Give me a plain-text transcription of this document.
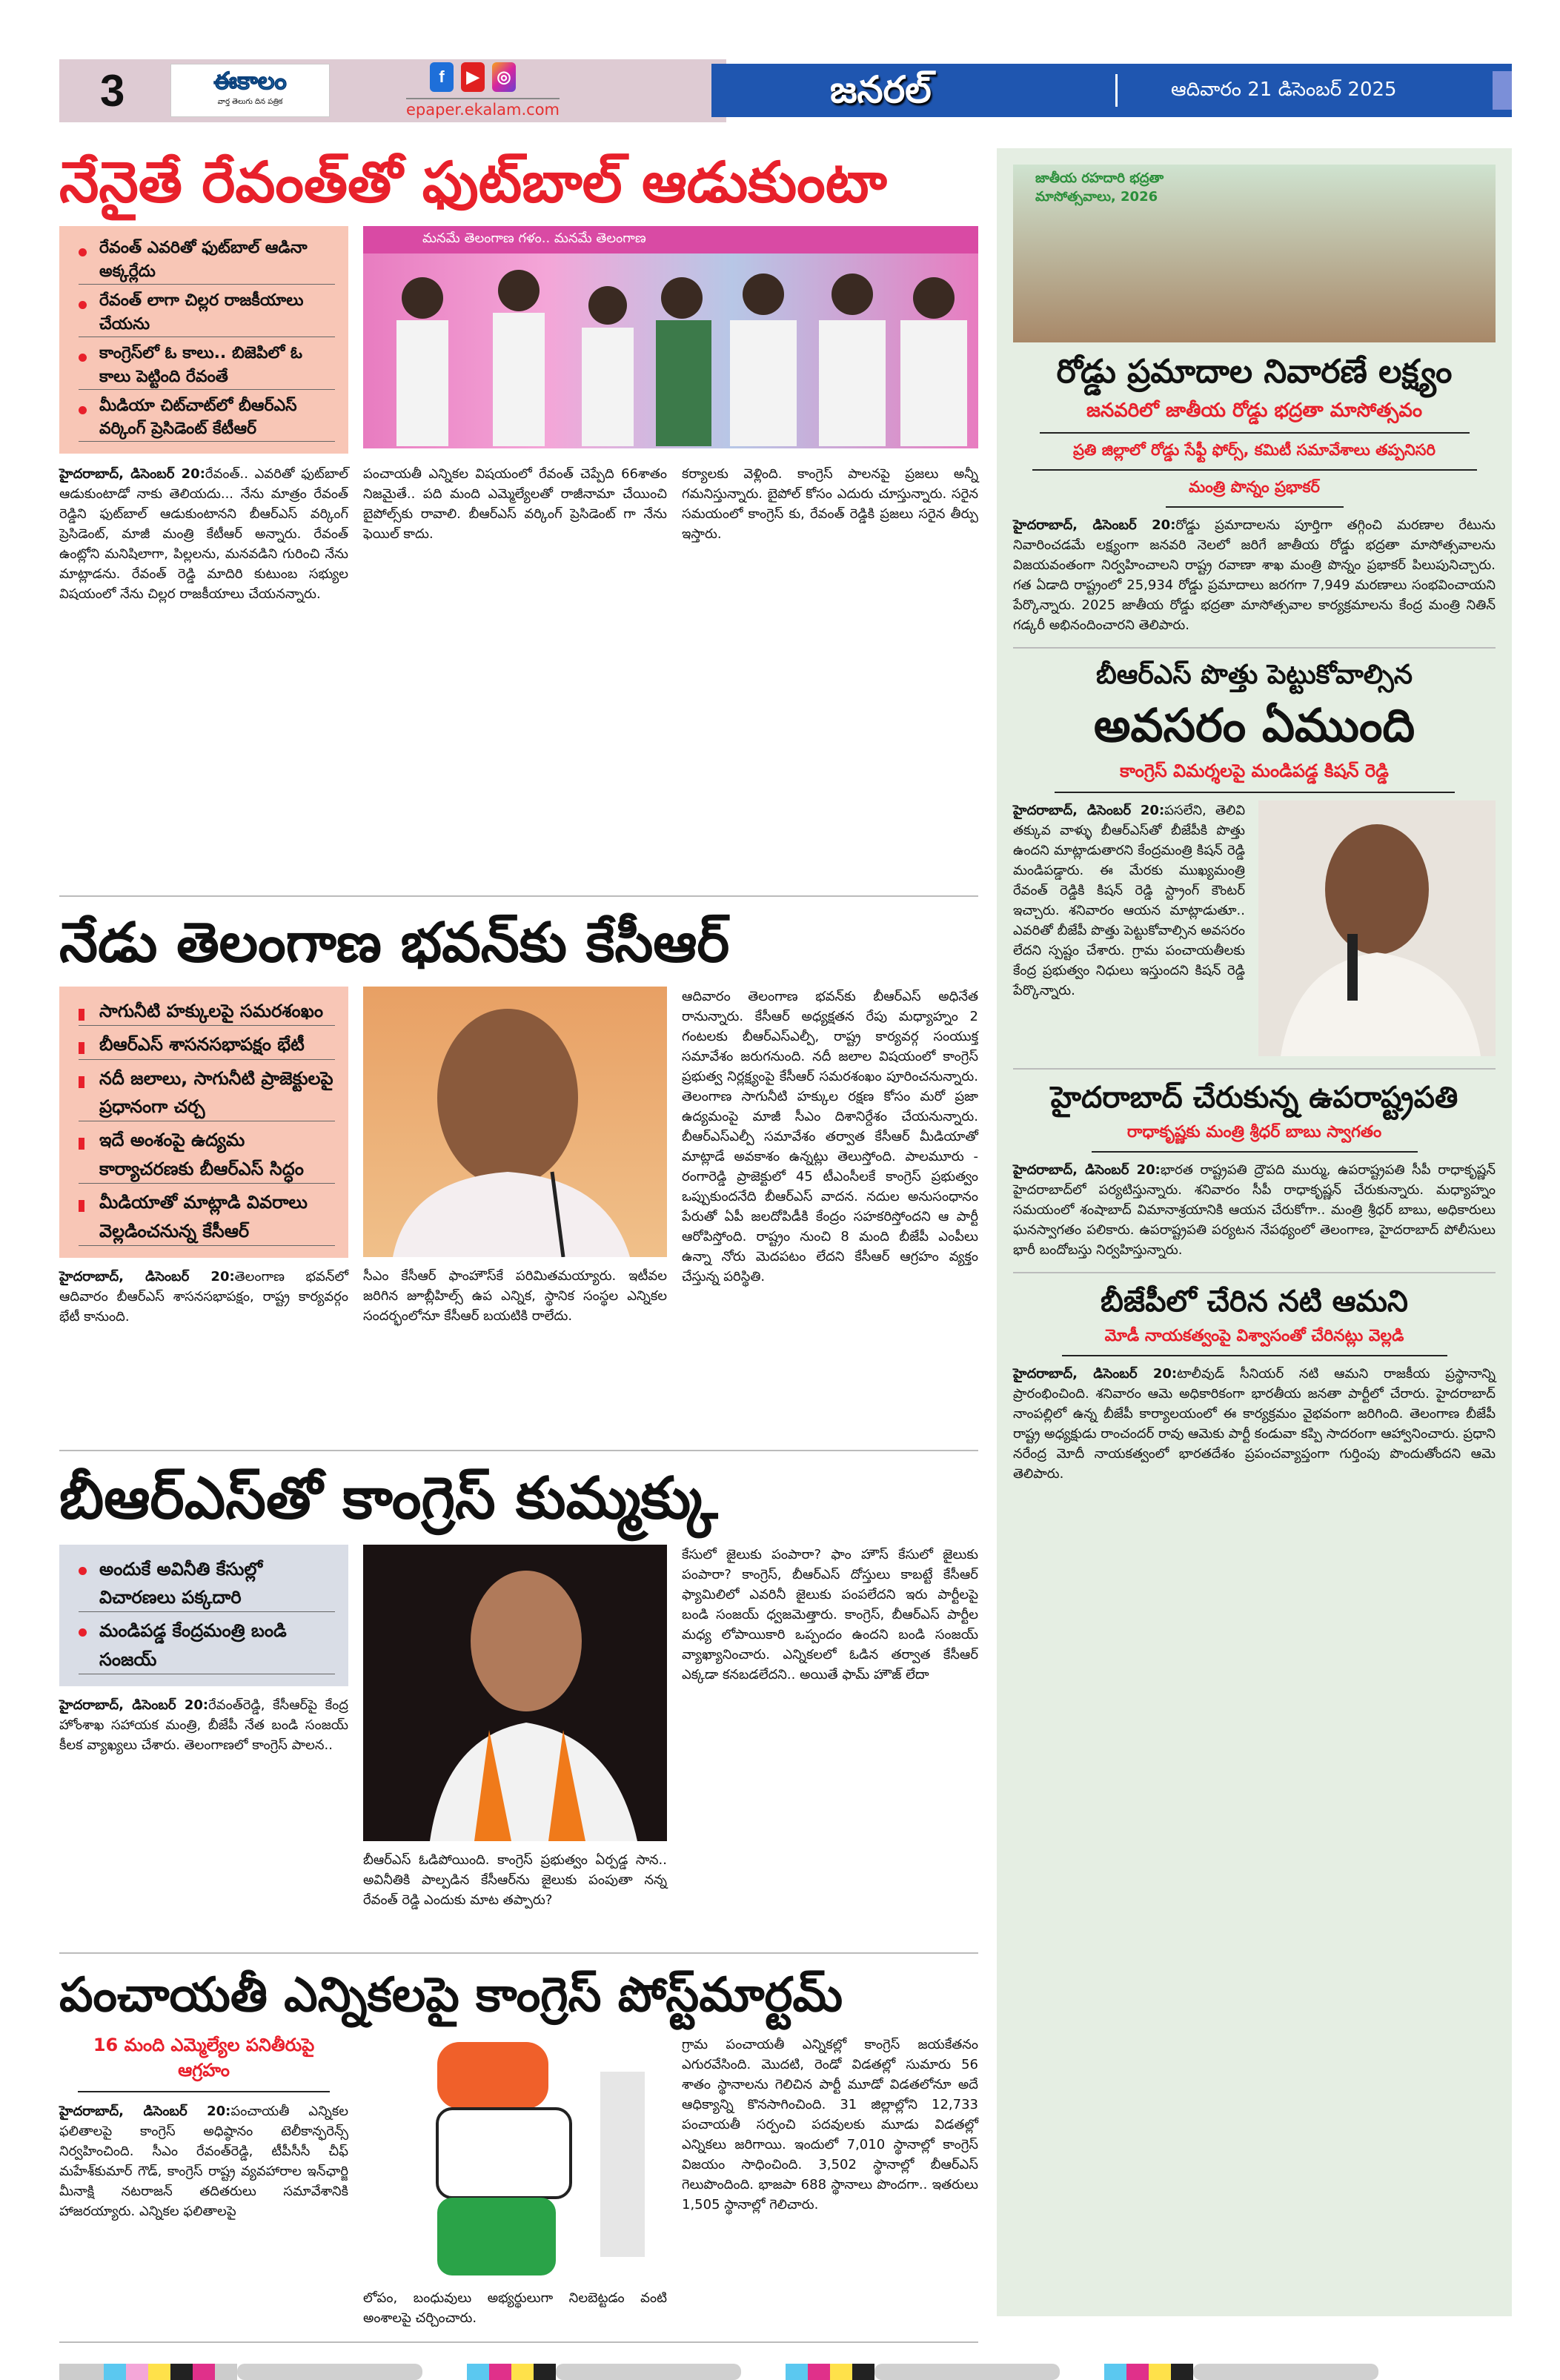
3	ఈకాలం
వార్త తెలుగు దిన పత్రిక
f	▶	◎
epaper.ekalam.com	జనరల్	ఆదివారం 21 డిసెంబర్ 2025
నేనైతే రేవంత్‌తో ఫుట్‌బాల్ ఆడుకుంటా
రేవంత్ ఎవరితో ఫుట్‌బాల్ ఆడినా అక్కర్లేదు
రేవంత్ లాగా చిల్లర రాజకీయాలు చేయను
కాంగ్రెస్‌లో ఓ కాలు.. బిజెపిలో ఓ కాలు పెట్టింది రేవంతే
మీడియా చిట్‌చాట్‌లో బీఆర్‌ఎస్ వర్కింగ్ ప్రెసిడెంట్ కేటీఆర్
మనమే తెలంగాణ గళం.. మనమే తెలంగాణ
హైదరాబాద్, డిసెంబర్ 20:రేవంత్.. ఎవరితో ఫుట్‌బాల్ ఆడుకుంటాడో నాకు తెలియదు... నేను మాత్రం రేవంత్ రెడ్డిని ఫుట్‌బాల్ ఆడుకుంటానని బీఆర్‌ఎస్ వర్కింగ్ ప్రెసిడెంట్, మాజీ మంత్రి కేటీఆర్ అన్నారు. రేవంత్ ఉంట్లోని మనిషిలాగా, పిల్లలను, మనవడిని గురించి నేను మాట్లాడను. రేవంత్ రెడ్డి మాదిరి కుటుంబ సభ్యుల విషయంలో నేను చిల్లర రాజకీయాలు చేయనన్నారు.
పంచాయతీ ఎన్నికల విషయంలో రేవంత్ చెప్పేది 66శాతం నిజమైతే.. పది మంది ఎమ్మెల్యేలతో రాజీనామా చేయించి బైపోల్స్‌కు రావాలి. బీఆర్‌ఎస్ వర్కింగ్ ప్రెసిడెంట్ గా నేను ఫెయిల్ కాదు.
కర్యాలకు వెళ్లింది. కాంగ్రెస్ పాలనపై ప్రజలు అన్నీ గమనిస్తున్నారు. బైపోల్ కోసం ఎదురు చూస్తున్నారు. సరైన సమయంలో కాంగ్రెస్ కు, రేవంత్ రెడ్డికి ప్రజలు సరైన తీర్పు ఇస్తారు.
నేడు తెలంగాణ భవన్‌కు కేసీఆర్
సాగునీటి హక్కులపై సమరశంఖం
బీఆర్‌ఎస్ శాసనసభాపక్షం భేటీ
నదీ జలాలు, సాగునీటి ప్రాజెక్టులపై ప్రధానంగా చర్చ
ఇదే అంశంపై ఉద్యమ కార్యాచరణకు బీఆర్‌ఎస్ సిద్ధం
మీడియాతో మాట్లాడి వివరాలు వెల్లడించనున్న కేసీఆర్
హైదరాబాద్, డిసెంబర్ 20:తెలంగాణ భవన్‌లో ఆదివారం బీఆర్‌ఎస్ శాసనసభాపక్షం, రాష్ట్ర కార్యవర్గం భేటీ కానుంది.
సీఎం కేసీఆర్ ఫాంహౌస్‌కే పరిమితమయ్యారు. ఇటీవల జరిగిన జూబ్లీహిల్స్ ఉప ఎన్నిక, స్థానిక సంస్థల ఎన్నికల సందర్భంలోనూ కేసీఆర్ బయటికి రాలేదు.
ఆదివారం తెలంగాణ భవన్‌కు బీఆర్‌ఎస్ అధినేత రానున్నారు. కేసీఆర్ అధ్యక్షతన రేపు మధ్యాహ్నం 2 గంటలకు బీఆర్‌ఎస్‌ఎల్పీ, రాష్ట్ర కార్యవర్గ సంయుక్త సమావేశం జరుగనుంది. నదీ జలాల విషయంలో కాంగ్రెస్ ప్రభుత్వ నిర్లక్ష్యంపై కేసీఆర్ సమరశంఖం పూరించనున్నారు. తెలంగాణ సాగునీటి హక్కుల రక్షణ కోసం మరో ప్రజా ఉద్యమంపై మాజీ సీఎం దిశానిర్దేశం చేయనున్నారు. బీఆర్‌ఎస్‌ఎల్పీ సమావేశం తర్వాత కేసీఆర్ మీడియాతో మాట్లాడే అవకాశం ఉన్నట్లు తెలుస్తోంది. పాలమూరు - రంగారెడ్డి ప్రాజెక్టులో 45 టీఎంసీలకే కాంగ్రెస్ ప్రభుత్వం ఒప్పుకుందనేది బీఆర్‌ఎస్ వాదన. నదుల అనుసంధానం పేరుతో ఏపీ జలదోపిడీకి కేంద్రం సహకరిస్తోందని ఆ పార్టీ ఆరోపిస్తోంది. రాష్ట్రం నుంచి 8 మంది బీజేపీ ఎంపీలు ఉన్నా నోరు మెదపటం లేదని కేసీఆర్ ఆగ్రహం వ్యక్తం చేస్తున్న పరిస్థితి.
బీఆర్‌ఎస్‌తో కాంగ్రెస్ కుమ్మక్కు
అందుకే అవినీతి కేసుల్లో విచారణలు పక్కదారి
మండిపడ్డ కేంద్రమంత్రి బండి సంజయ్
హైదరాబాద్, డిసెంబర్ 20:రేవంత్‌రెడ్డి, కేసీఆర్‌పై కేంద్ర హోంశాఖ సహాయక మంత్రి, బీజేపీ నేత బండి సంజయ్ కీలక వ్యాఖ్యలు చేశారు. తెలంగాణలో కాంగ్రెస్ పాలన..
బీఆర్‌ఎస్ ఓడిపోయింది. కాంగ్రెస్ ప్రభుత్వం ఏర్పడ్డ సాన.. అవినీతికి పాల్పడిన కేసీఆర్‌ను జైలుకు పంపుతా నన్న రేవంత్ రెడ్డి ఎందుకు మాట తప్పారు?
కేసులో జైలుకు పంపారా? ఫాం హౌస్ కేసులో జైలుకు పంపారా? కాంగ్రెస్, బీఆర్‌ఎస్ దోస్తులు కాబట్టే కేసీఆర్ ఫ్యామిలిలో ఎవరినీ జైలుకు పంపలేదని ఇరు పార్టీలపై బండి సంజయ్ ధ్వజమెత్తారు. కాంగ్రెస్, బీఆర్‌ఎస్ పార్టీల మధ్య లోపాయికారి ఒప్పందం ఉందని బండి సంజయ్ వ్యాఖ్యానించారు. ఎన్నికలలో ఓడిన తర్వాత కేసీఆర్ ఎక్కడా కనబడలేదని.. అయితే ఫామ్ హౌజ్ లేదా
పంచాయతీ ఎన్నికలపై కాంగ్రెస్ పోస్ట్‌మార్టమ్
16 మంది ఎమ్మెల్యేల పనితీరుపై ఆగ్రహం
హైదరాబాద్, డిసెంబర్ 20:పంచాయతీ ఎన్నికల ఫలితాలపై కాంగ్రెస్ అధిష్ఠానం టెలీకాన్ఫరెన్స్ నిర్వహించింది. సీఎం రేవంత్‌రెడ్డి, టీపీసీసీ చీఫ్ మహేశ్‌కుమార్ గౌడ్, కాంగ్రెస్ రాష్ట్ర వ్యవహారాల ఇన్‌ఛార్జి మీనాక్షి నటరాజన్ తదితరులు సమావేశానికి హాజరయ్యారు. ఎన్నికల ఫలితాలపై
లోపం, బంధువులు అభ్యర్థులుగా నిలబెట్టడం వంటి అంశాలపై చర్చించారు.
గ్రామ పంచాయతీ ఎన్నికల్లో కాంగ్రెస్ జయకేతనం ఎగురవేసింది. మొదటి, రెండో విడతల్లో సుమారు 56 శాతం స్థానాలను గెలిచిన పార్టీ మూడో విడతలోనూ అదే ఆధిక్యాన్ని కొనసాగించింది. 31 జిల్లాల్లోని 12,733 పంచాయతీ సర్పంచి పదవులకు మూడు విడతల్లో ఎన్నికలు జరిగాయి. ఇందులో 7,010 స్థానాల్లో కాంగ్రెస్ విజయం సాధించింది. 3,502 స్థానాల్లో బీఆర్‌ఎస్ గెలుపొందింది. భాజపా 688 స్థానాలు పొందగా.. ఇతరులు 1,505 స్థానాల్లో గెలిచారు.
జాతీయ రహదారి భద్రతా మాసోత్సవాలు, 2026
రోడ్డు ప్రమాదాల నివారణే లక్ష్యం
జనవరిలో జాతీయ రోడ్డు భద్రతా మాసోత్సవం
ప్రతి జిల్లాలో రోడ్డు సేఫ్టీ ఫోర్స్, కమిటీ సమావేశాలు తప్పనిసరి
మంత్రి పొన్నం ప్రభాకర్
హైదరాబాద్, డిసెంబర్ 20:రోడ్డు ప్రమాదాలను పూర్తిగా తగ్గించి మరణాల రేటును నివారించడమే లక్ష్యంగా జనవరి నెలలో జరిగే జాతీయ రోడ్డు భద్రతా మాసోత్సవాలను విజయవంతంగా నిర్వహించాలని రాష్ట్ర రవాణా శాఖ మంత్రి పొన్నం ప్రభాకర్ పిలుపునిచ్చారు. గత ఏడాది రాష్ట్రంలో 25,934 రోడ్డు ప్రమాదాలు జరగగా 7,949 మరణాలు సంభవించాయని పేర్కొన్నారు. 2025 జాతీయ రోడ్డు భద్రతా మాసోత్సవాల కార్యక్రమాలను కేంద్ర మంత్రి నితిన్ గడ్కరీ అభినందించారని తెలిపారు.
బీఆర్‌ఎస్ పొత్తు పెట్టుకోవాల్సిన
అవసరం ఏముంది
కాంగ్రెస్ విమర్శలపై మండిపడ్డ కిషన్ రెడ్డి
హైదరాబాద్, డిసెంబర్ 20:పసలేని, తెలివి తక్కువ వాళ్ళు బీఆర్‌ఎస్‌తో బీజేపీకి పొత్తు ఉందని మాట్లాడుతారని కేంద్రమంత్రి కిషన్ రెడ్డి మండిపడ్డారు. ఈ మేరకు ముఖ్యమంత్రి రేవంత్ రెడ్డికి కిషన్ రెడ్డి స్ట్రాంగ్ కౌంటర్ ఇచ్చారు. శనివారం ఆయన మాట్లాడుతూ.. ఎవరితో బీజేపీ పొత్తు పెట్టుకోవాల్సిన అవసరం లేదని స్పష్టం చేశారు. గ్రామ పంచాయతీలకు కేంద్ర ప్రభుత్వం నిధులు ఇస్తుందని కిషన్ రెడ్డి పేర్కొన్నారు.
హైదరాబాద్ చేరుకున్న ఉపరాష్ట్రపతి
రాధాకృష్ణకు మంత్రి శ్రీధర్ బాబు స్వాగతం
హైదరాబాద్, డిసెంబర్ 20:భారత రాష్ట్రపతి ద్రౌపది ముర్ము, ఉపరాష్ట్రపతి సీపీ రాధాకృష్ణన్ హైదరాబాద్‌లో పర్యటిస్తున్నారు. శనివారం సీపీ రాధాకృష్ణన్ చేరుకున్నారు. మధ్యాహ్నం సమయంలో శంషాబాద్ విమానాశ్రయానికి ఆయన చేరుకోగా.. మంత్రి శ్రీధర్ బాబు, అధికారులు ఘనస్వాగతం పలికారు. ఉపరాష్ట్రపతి పర్యటన నేపథ్యంలో తెలంగాణ, హైదరాబాద్ పోలీసులు భారీ బందోబస్తు నిర్వహిస్తున్నారు.
బీజేపీలో చేరిన నటి ఆమని
మోడీ నాయకత్వంపై విశ్వాసంతో చేరినట్లు వెల్లడి
హైదరాబాద్, డిసెంబర్ 20:టాలీవుడ్ సీనియర్ నటి ఆమని రాజకీయ ప్రస్థానాన్ని ప్రారంభించింది. శనివారం ఆమె అధికారికంగా భారతీయ జనతా పార్టీలో చేరారు. హైదరాబాద్ నాంపల్లిలో ఉన్న బీజేపీ కార్యాలయంలో ఈ కార్యక్రమం వైభవంగా జరిగింది. తెలంగాణ బీజేపీ రాష్ట్ర అధ్యక్షుడు రాంచందర్ రావు ఆమెకు పార్టీ కండువా కప్పి సాదరంగా ఆహ్వానించారు. ప్రధాని నరేంద్ర మోదీ నాయకత్వంలో భారతదేశం ప్రపంచవ్యాప్తంగా గుర్తింపు పొందుతోందని ఆమె తెలిపారు.
